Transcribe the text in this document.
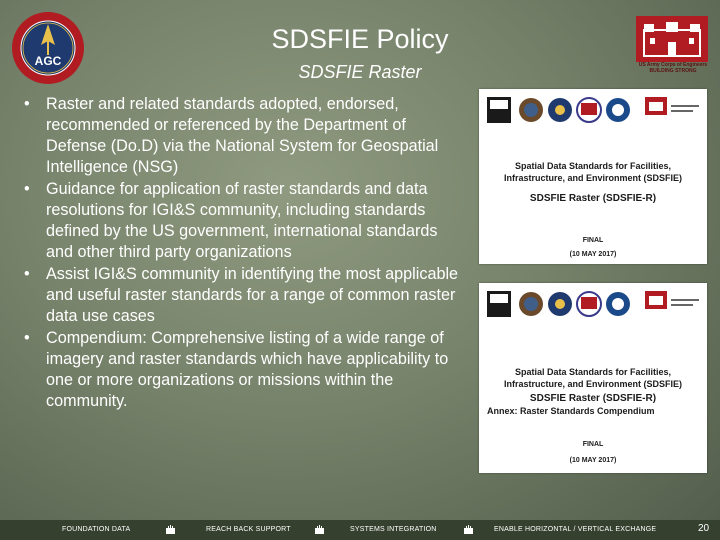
AGC	US Army Corps of Engineers BUILDING STRONG
SDSFIE Policy
SDSFIE Raster
• Raster and related standards adopted, endorsed, recommended or referenced by the Department of Defense (Do.D) via the National System for Geospatial Intelligence (NSG)
• Guidance for application of raster standards and data resolutions for IGI&S community, including standards defined by the US government, international standards and other third party organizations
• Assist IGI&S community in identifying the most applicable and useful raster standards for a range of common raster data use cases
• Compendium: Comprehensive listing of a wide range of imagery and raster standards which have applicability to one or more organizations or missions within the community.
Spatial Data Standards for Facilities,
Infrastructure, and Environment (SDSFIE)
SDSFIE Raster (SDSFIE-R)
FINAL
(10 MAY 2017)
Spatial Data Standards for Facilities,
Infrastructure, and Environment (SDSFIE)
SDSFIE Raster (SDSFIE-R)
Annex: Raster Standards Compendium
FINAL
(10 MAY 2017)
FOUNDATION DATA	REACH BACK SUPPORT	SYSTEMS INTEGRATION	ENABLE HORIZONTAL / VERTICAL EXCHANGE	20
